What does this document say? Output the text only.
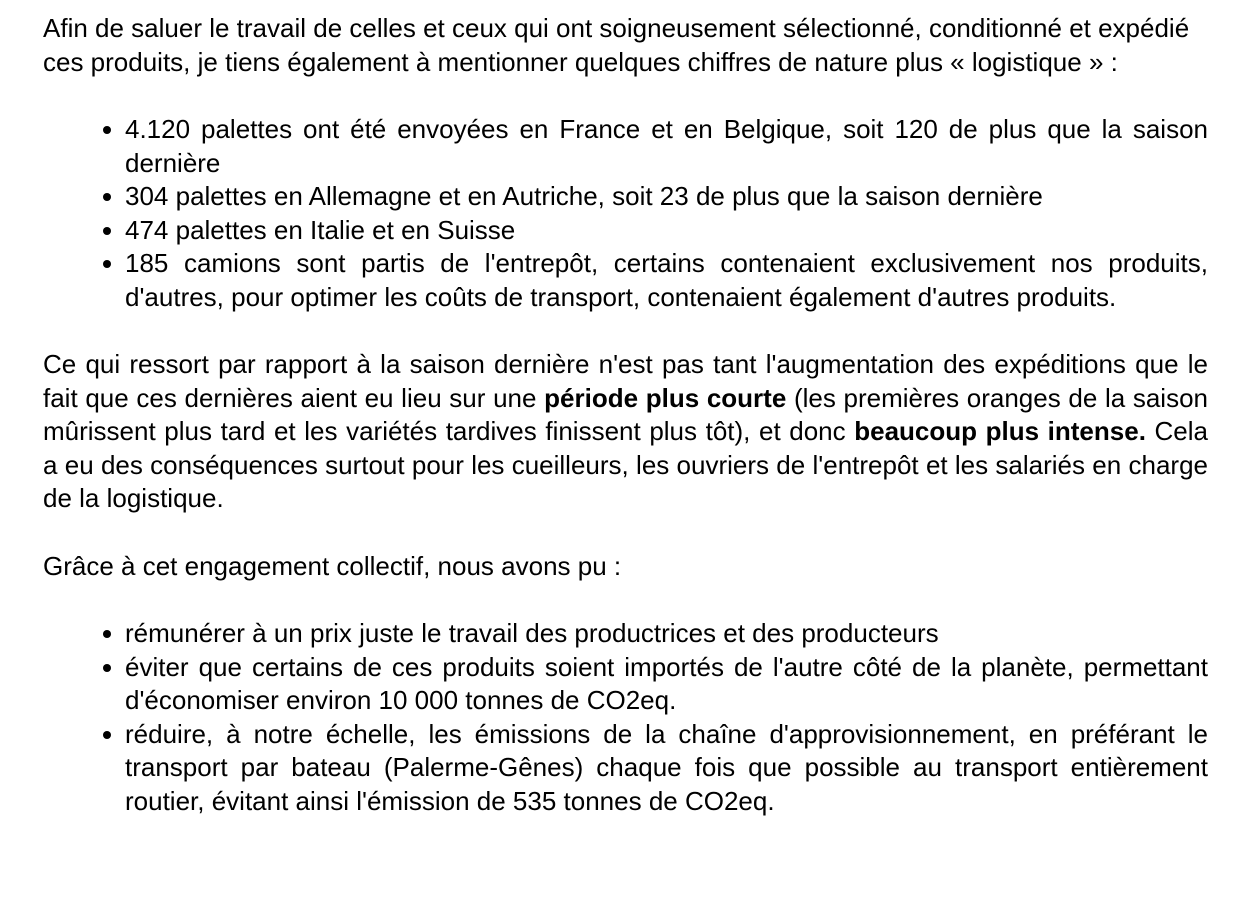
Afin de saluer le travail de celles et ceux qui ont soigneusement sélectionné, conditionné et expédié ces produits, je tiens également à mentionner quelques chiffres de nature plus « logistique » :

4.120 palettes ont été envoyées en France et en Belgique, soit 120 de plus que la saison dernière
304 palettes en Allemagne et en Autriche, soit 23 de plus que la saison dernière
474 palettes en Italie et en Suisse
185 camions sont partis de l'entrepôt, certains contenaient exclusivement nos produits, d'autres, pour optimer les coûts de transport, contenaient également d'autres produits.

Ce qui ressort par rapport à la saison dernière n'est pas tant l'augmentation des expéditions que le fait que ces dernières aient eu lieu sur une période plus courte (les premières oranges de la saison mûrissent plus tard et les variétés tardives finissent plus tôt), et donc beaucoup plus intense. Cela a eu des conséquences surtout pour les cueilleurs, les ouvriers de l'entrepôt et les salariés en charge de la logistique.

Grâce à cet engagement collectif, nous avons pu :

rémunérer à un prix juste le travail des productrices et des producteurs
éviter que certains de ces produits soient importés de l'autre côté de la planète, permettant d'économiser environ 10 000 tonnes de CO2eq.
réduire, à notre échelle, les émissions de la chaîne d'approvisionnement, en préférant le transport par bateau (Palerme-Gênes) chaque fois que possible au transport entièrement routier, évitant ainsi l'émission de 535 tonnes de CO2eq.
